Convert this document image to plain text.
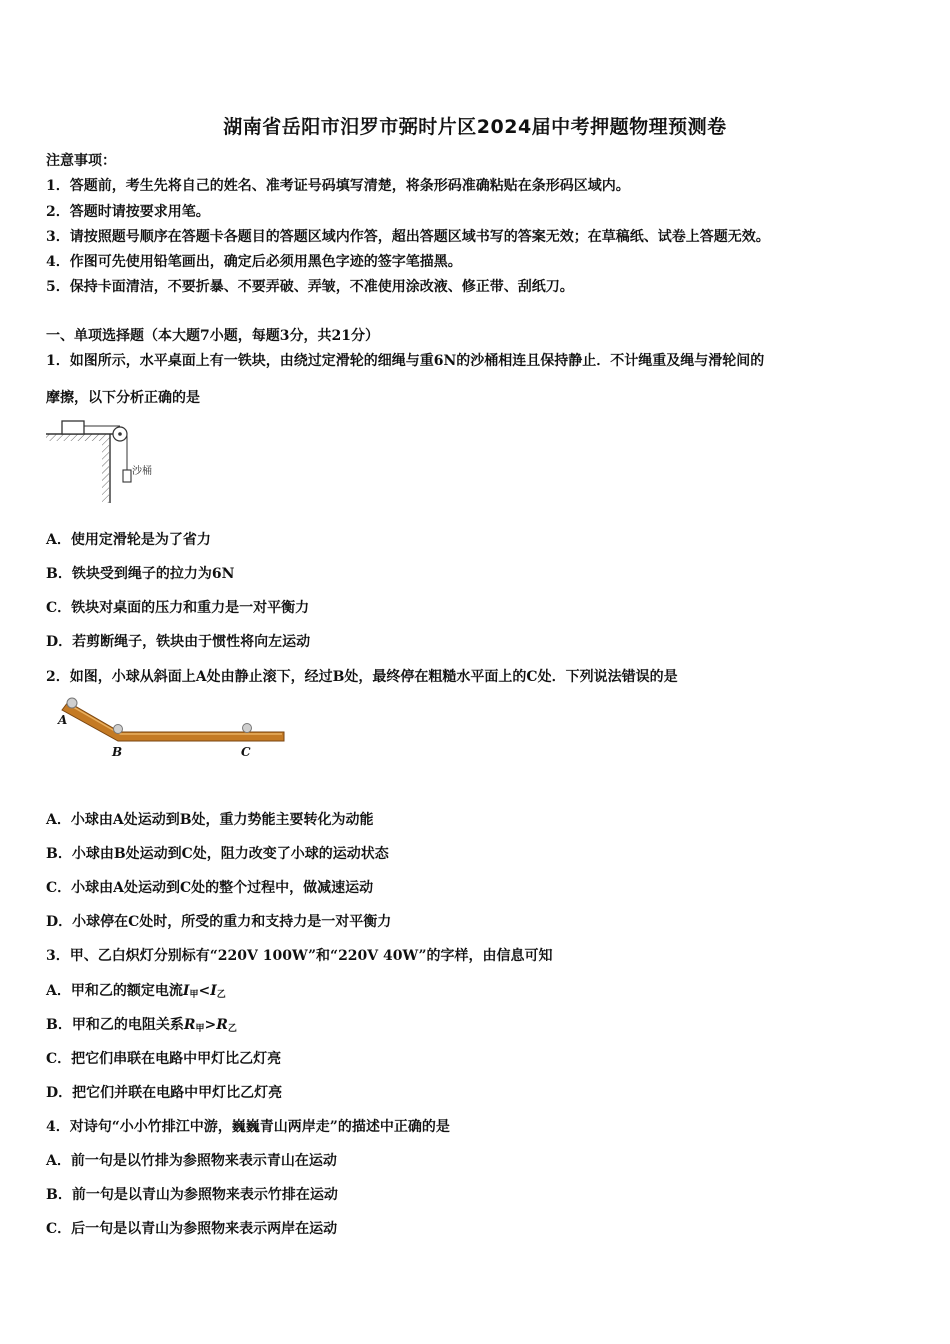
湖南省岳阳市汨罗市弼时片区2024届中考押题物理预测卷
注意事项：
1．答题前，考生先将自己的姓名、准考证号码填写清楚，将条形码准确粘贴在条形码区域内。
2．答题时请按要求用笔。
3．请按照题号顺序在答题卡各题目的答题区域内作答，超出答题区域书写的答案无效；在草稿纸、试卷上答题无效。
4．作图可先使用铅笔画出，确定后必须用黑色字迹的签字笔描黑。
5．保持卡面清洁，不要折暴、不要弄破、弄皱，不准使用涂改液、修正带、刮纸刀。
一、单项选择题（本大题7小题，每题3分，共21分）
1．如图所示，水平桌面上有一铁块，由绕过定滑轮的细绳与重6N的沙桶相连且保持静止．不计绳重及绳与滑轮间的
摩擦，以下分析正确的是
沙桶
A．使用定滑轮是为了省力
B．铁块受到绳子的拉力为6N
C．铁块对桌面的压力和重力是一对平衡力
D．若剪断绳子，铁块由于惯性将向左运动
2．如图，小球从斜面上A处由静止滚下，经过B处，最终停在粗糙水平面上的C处．下列说法错误的是
A
B	C
A．小球由A处运动到B处，重力势能主要转化为动能
B．小球由B处运动到C处，阻力改变了小球的运动状态
C．小球由A处运动到C处的整个过程中，做减速运动
D．小球停在C处时，所受的重力和支持力是一对平衡力
3．甲、乙白炽灯分别标有“220V 100W”和“220V 40W”的字样，由信息可知
A．甲和乙的额定电流$I_甲<I_乙$
B．甲和乙的电阻关系$R_甲>R_乙$
C．把它们串联在电路中甲灯比乙灯亮
D．把它们并联在电路中甲灯比乙灯亮
4．对诗句“小小竹排江中游，巍巍青山两岸走”的描述中正确的是
A．前一句是以竹排为参照物来表示青山在运动
B．前一句是以青山为参照物来表示竹排在运动
C．后一句是以青山为参照物来表示两岸在运动
